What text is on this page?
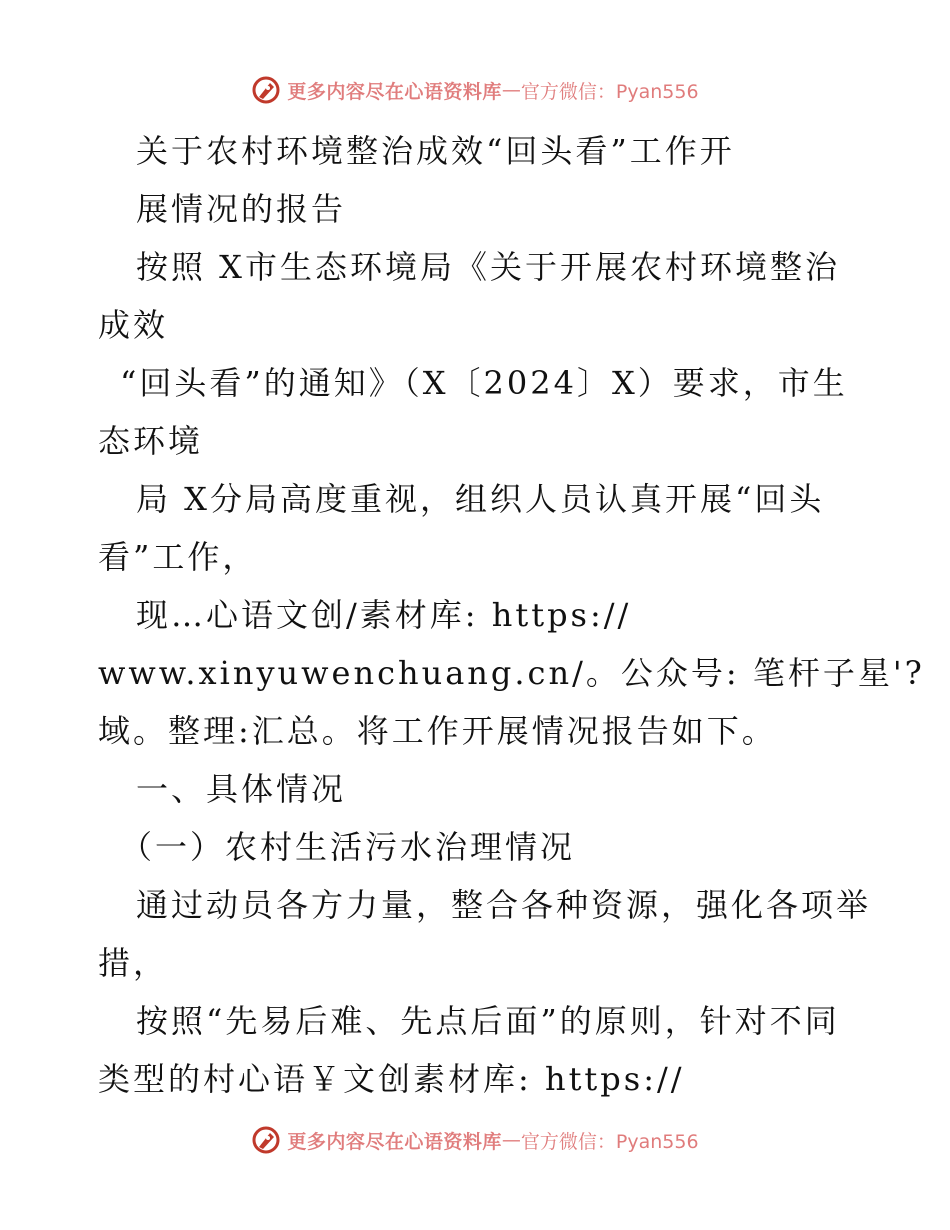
更多内容尽在心语资料库 — 官方微信：Pyan556
关于农村环境整治成效“回头看”工作开
展情况的报告
按照 X市生态环境局《关于开展农村环境整治
成效
“回头看”的通知》（X〔2024〕X）要求，市生
态环境
局 X分局高度重视，组织人员认真开展“回头
看”工作，
现…心语文创/素材库: https://
www.xinyuwenchuang.cn/。公众号: 笔杆子星'?
域。整理:汇总。将工作开展情况报告如下。
一、具体情况
（一）农村生活污水治理情况
通过动员各方力量，整合各种资源，强化各项举
措，
按照“先易后难、先点后面”的原则，针对不同
类型的村心语￥文创素材库: https://
更多内容尽在心语资料库 — 官方微信：Pyan556
